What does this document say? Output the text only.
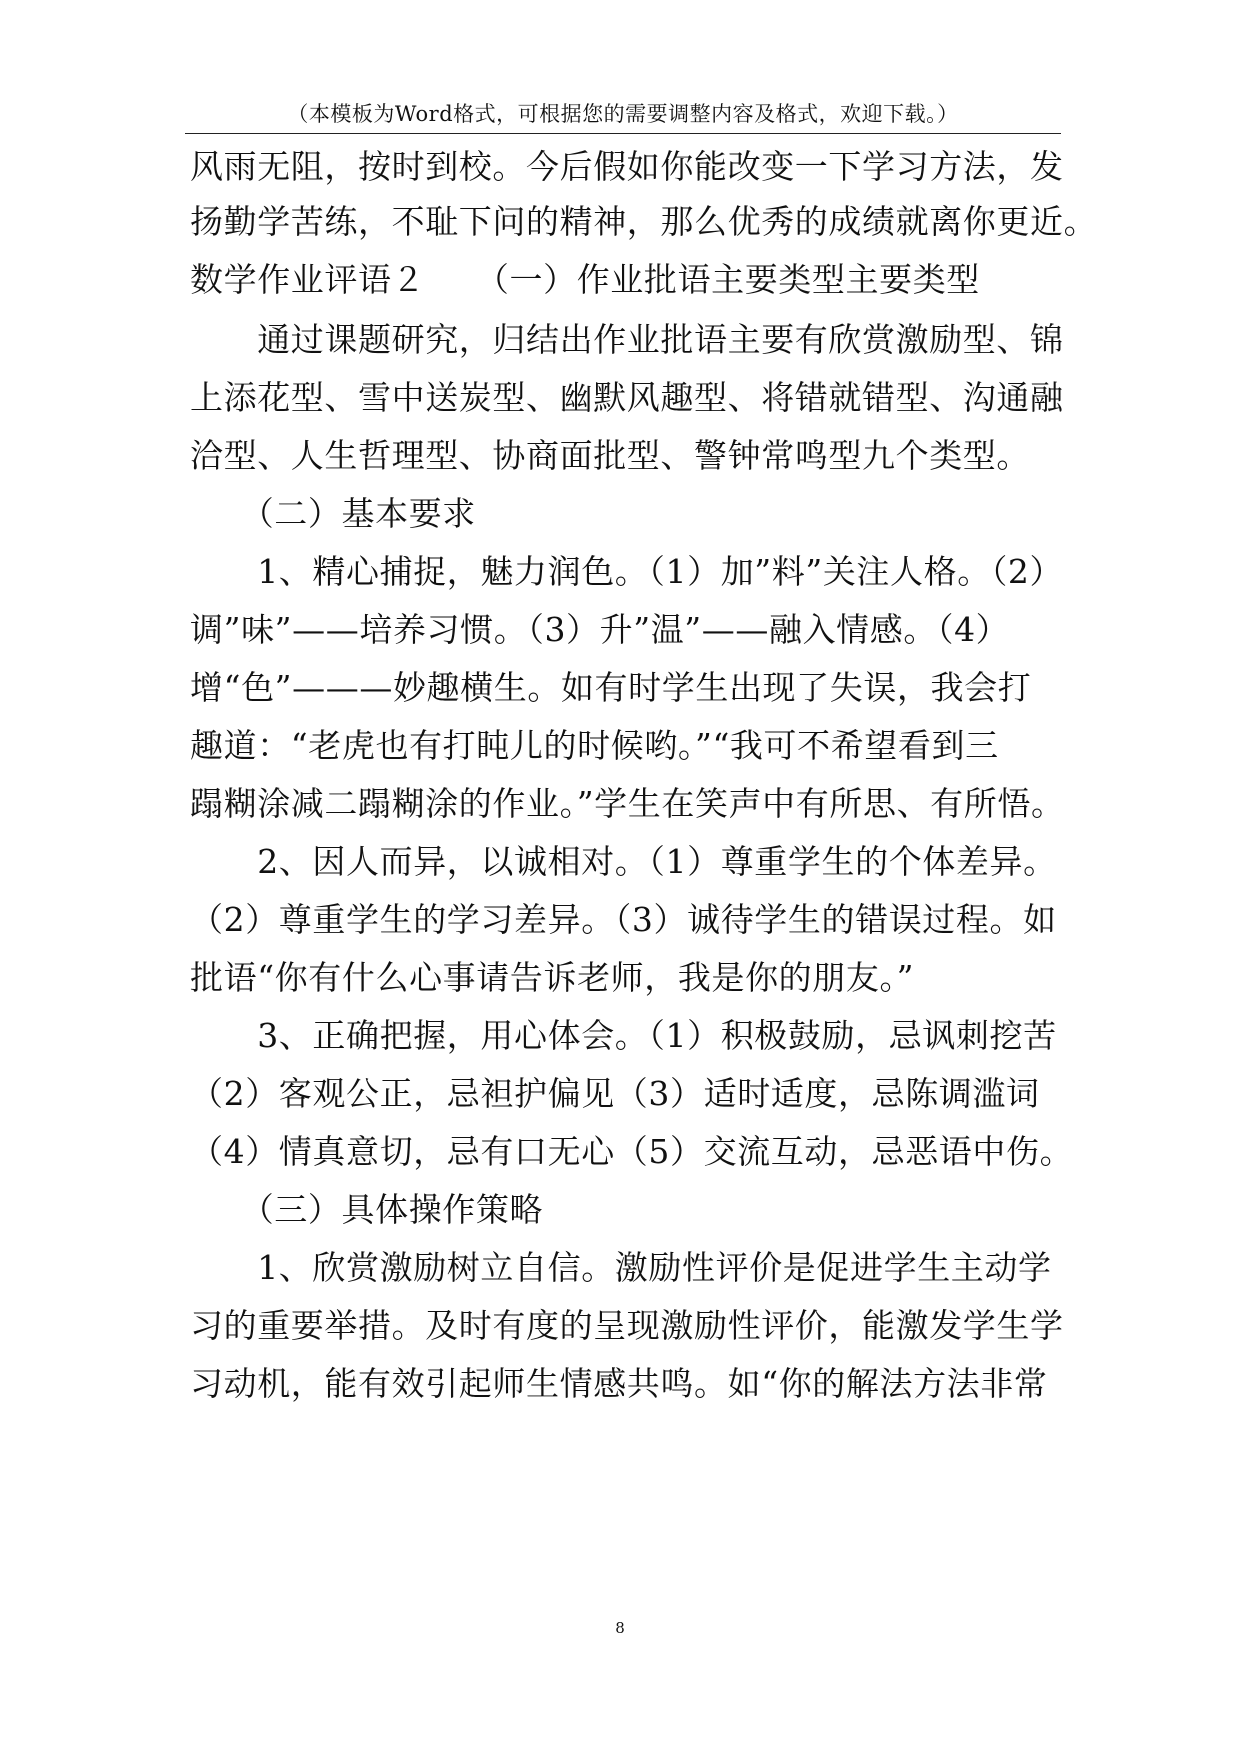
（本模板为Word格式，可根据您的需要调整内容及格式，欢迎下载。）
风雨无阻，按时到校。今后假如你能改变一下学习方法，发
扬勤学苦练，不耻下问的精神，那么优秀的成绩就离你更近。
数学作业评语２　　（一）作业批语主要类型主要类型
　　通过课题研究，归结出作业批语主要有欣赏激励型、锦
上添花型、雪中送炭型、幽默风趣型、将错就错型、沟通融
洽型、人生哲理型、协商面批型、警钟常鸣型九个类型。
　　（二）基本要求
　　1、精心捕捉，魅力润色。（1）加”料”关注人格。（2）
调”味”——培养习惯。（3）升”温”——融入情感。（4）
增“色”———妙趣横生。如有时学生出现了失误，我会打
趣道：“老虎也有打盹儿的时候哟。”“我可不希望看到三
蹋糊涂减二蹋糊涂的作业。”学生在笑声中有所思、有所悟。
　　2、因人而异，以诚相对。（1）尊重学生的个体差异。
（2）尊重学生的学习差异。（3）诚待学生的错误过程。如
批语“你有什么心事请告诉老师，我是你的朋友。”
　　3、正确把握，用心体会。（1）积极鼓励，忌讽刺挖苦
（2）客观公正，忌袒护偏见（3）适时适度，忌陈调滥词
（4）情真意切，忌有口无心（5）交流互动，忌恶语中伤。
　　（三）具体操作策略
　　1、欣赏激励树立自信。激励性评价是促进学生主动学
习的重要举措。及时有度的呈现激励性评价，能激发学生学
习动机，能有效引起师生情感共鸣。如“你的解法方法非常
8
